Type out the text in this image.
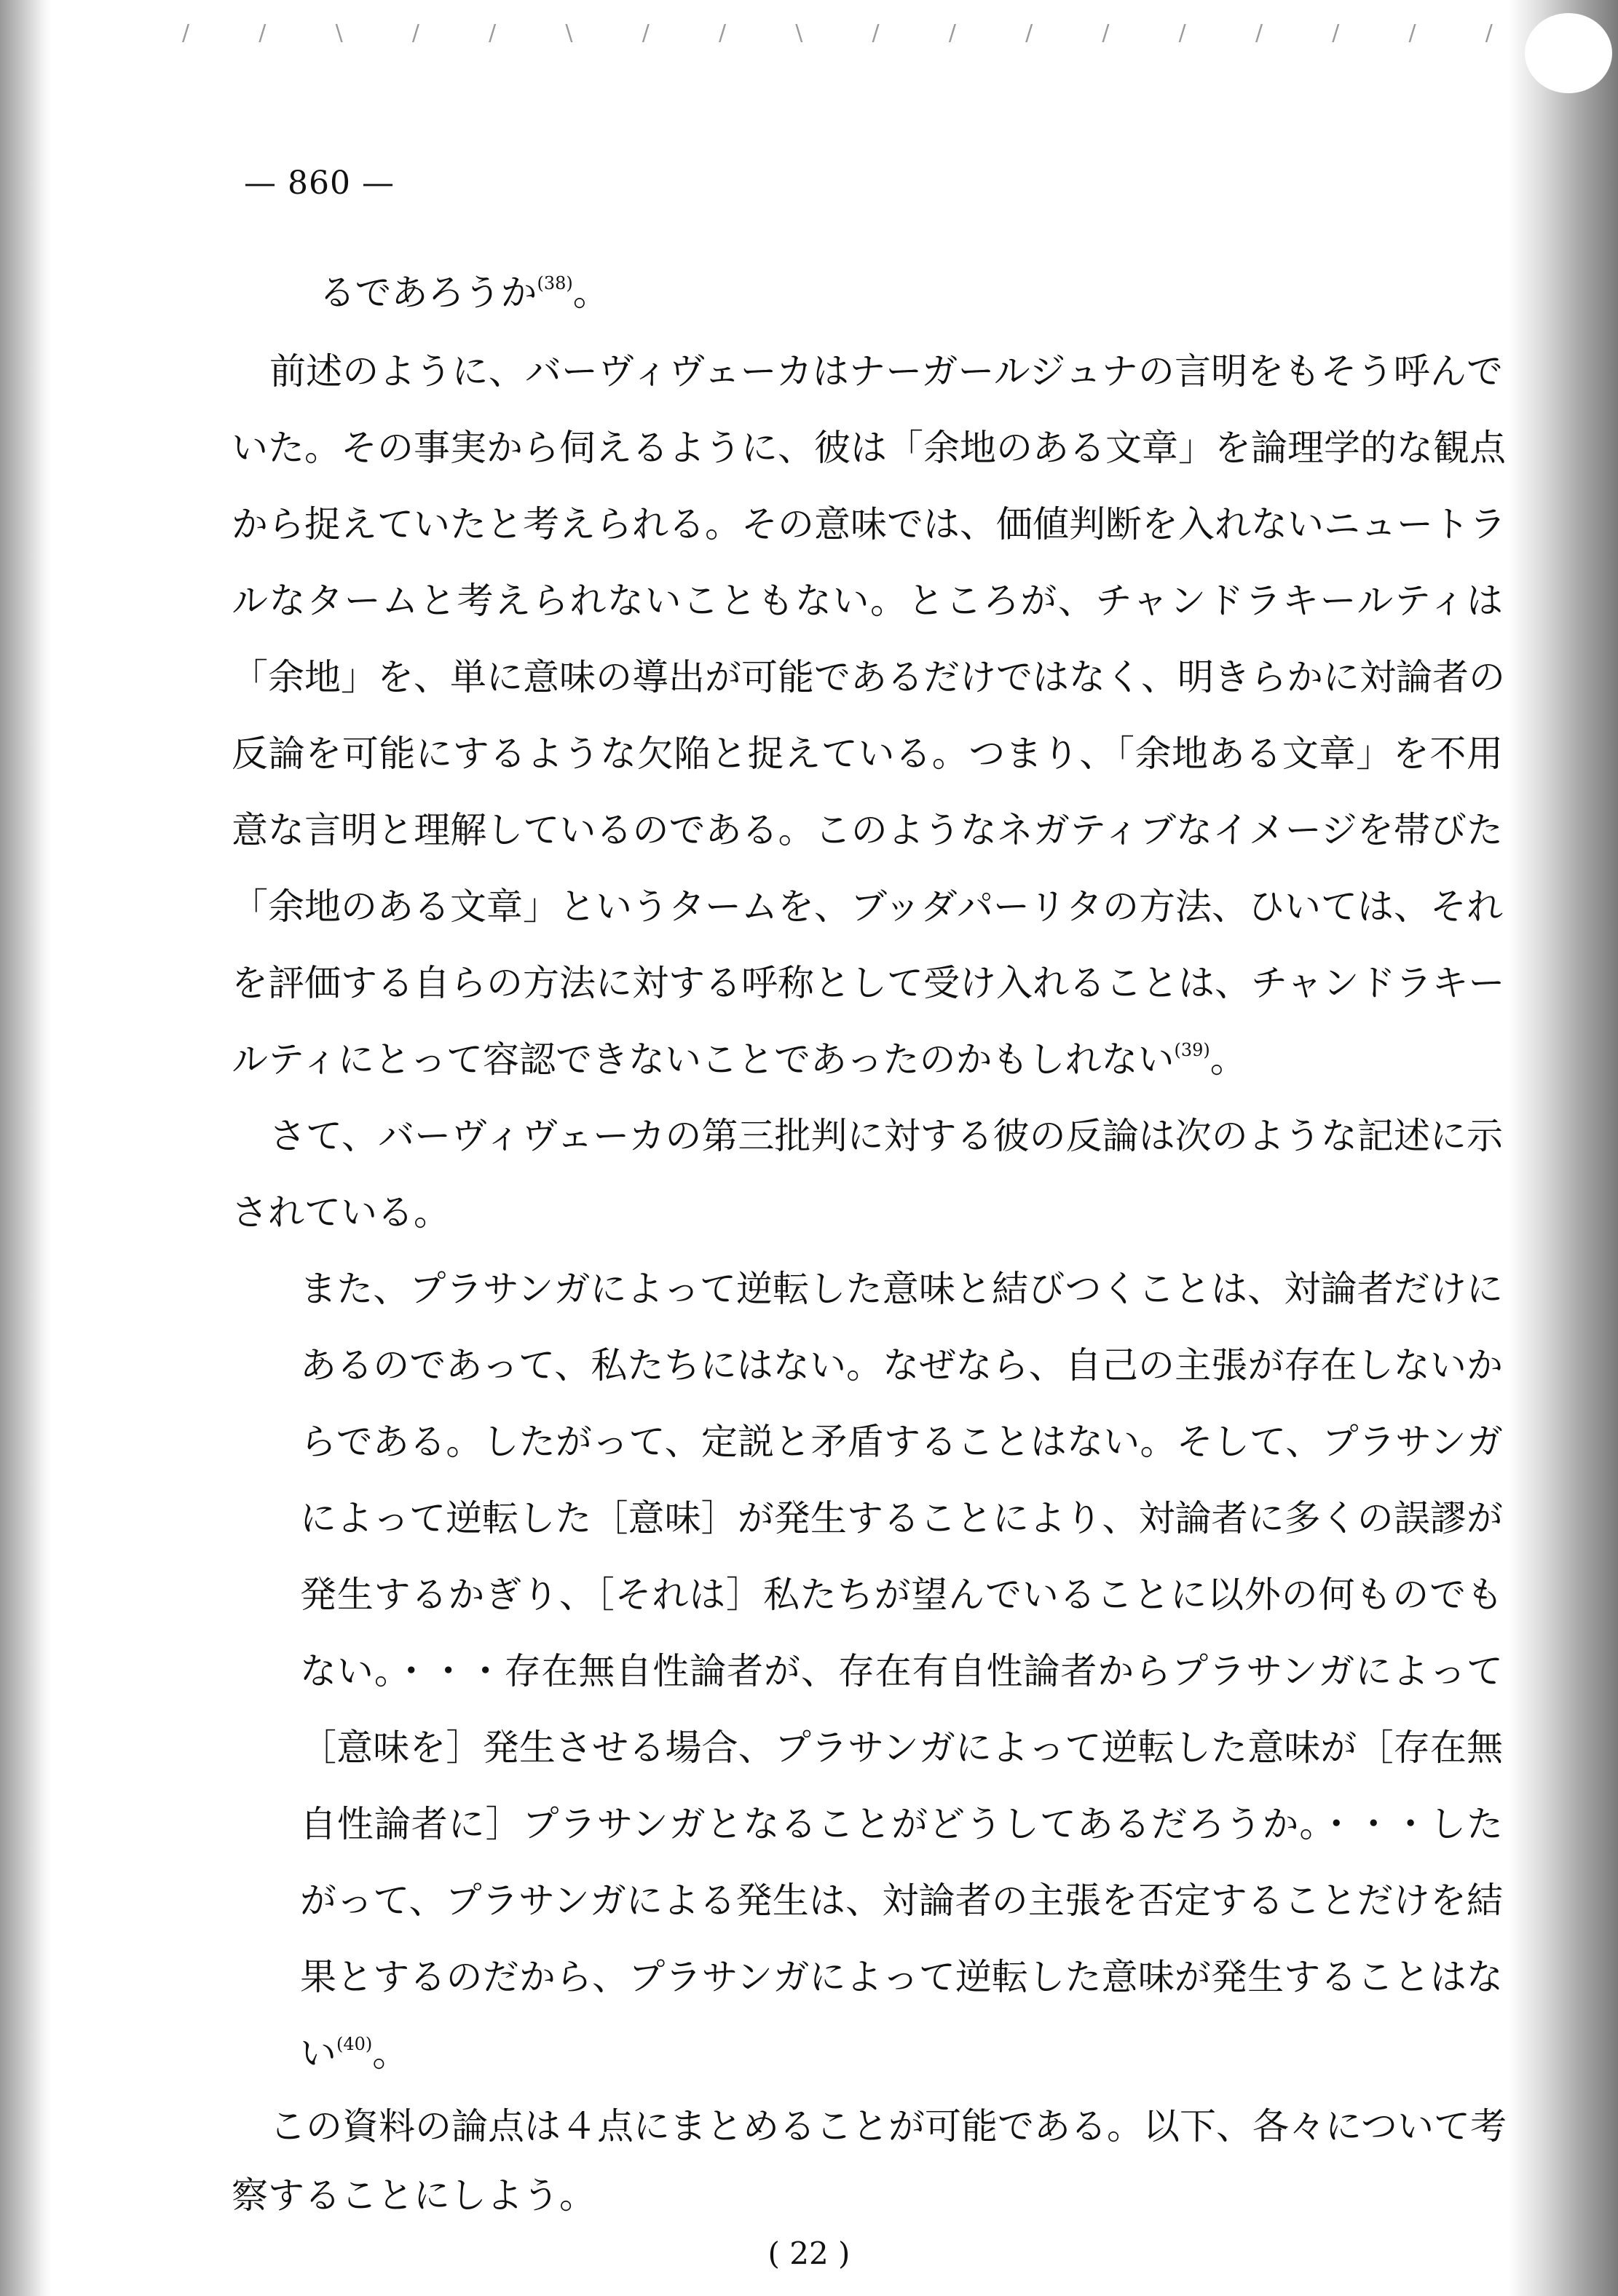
/	/	\	/	/	\	/	/	\	/	/	/	/	/	/	/	/	/
— 860 —
るであろうか$^{(38)}$。
前述のように、バーヴィヴェーカはナーガールジュナの言明をもそう呼んで
いた。その事実から伺えるように、彼は「余地のある文章」を論理学的な観点
から捉えていたと考えられる。その意味では、価値判断を入れないニュートラ
ルなタームと考えられないこともない。ところが、チャンドラキールティは
「余地」を、単に意味の導出が可能であるだけではなく、明きらかに対論者の
反論を可能にするような欠陥と捉えている。つまり、「余地ある文章」を不用
意な言明と理解しているのである。このようなネガティブなイメージを帯びた
「余地のある文章」というタームを、ブッダパーリタの方法、ひいては、それ
を評価する自らの方法に対する呼称として受け入れることは、チャンドラキー
ルティにとって容認できないことであったのかもしれない$^{(39)}$。
さて、バーヴィヴェーカの第三批判に対する彼の反論は次のような記述に示
されている。
また、プラサンガによって逆転した意味と結びつくことは、対論者だけに
あるのであって、私たちにはない。なぜなら、自己の主張が存在しないか
らである。したがって、定説と矛盾することはない。そして、プラサンガ
によって逆転した［意味］が発生することにより、対論者に多くの誤謬が
発生するかぎり、［それは］私たちが望んでいることに以外の何ものでも
ない。・・・存在無自性論者が、存在有自性論者からプラサンガによって
［意味を］発生させる場合、プラサンガによって逆転した意味が［存在無
自性論者に］プラサンガとなることがどうしてあるだろうか。・・・した
がって、プラサンガによる発生は、対論者の主張を否定することだけを結
果とするのだから、プラサンガによって逆転した意味が発生することはな
い$^{(40)}$。
この資料の論点は４点にまとめることが可能である。以下、各々について考
察することにしよう。
( 22 )
